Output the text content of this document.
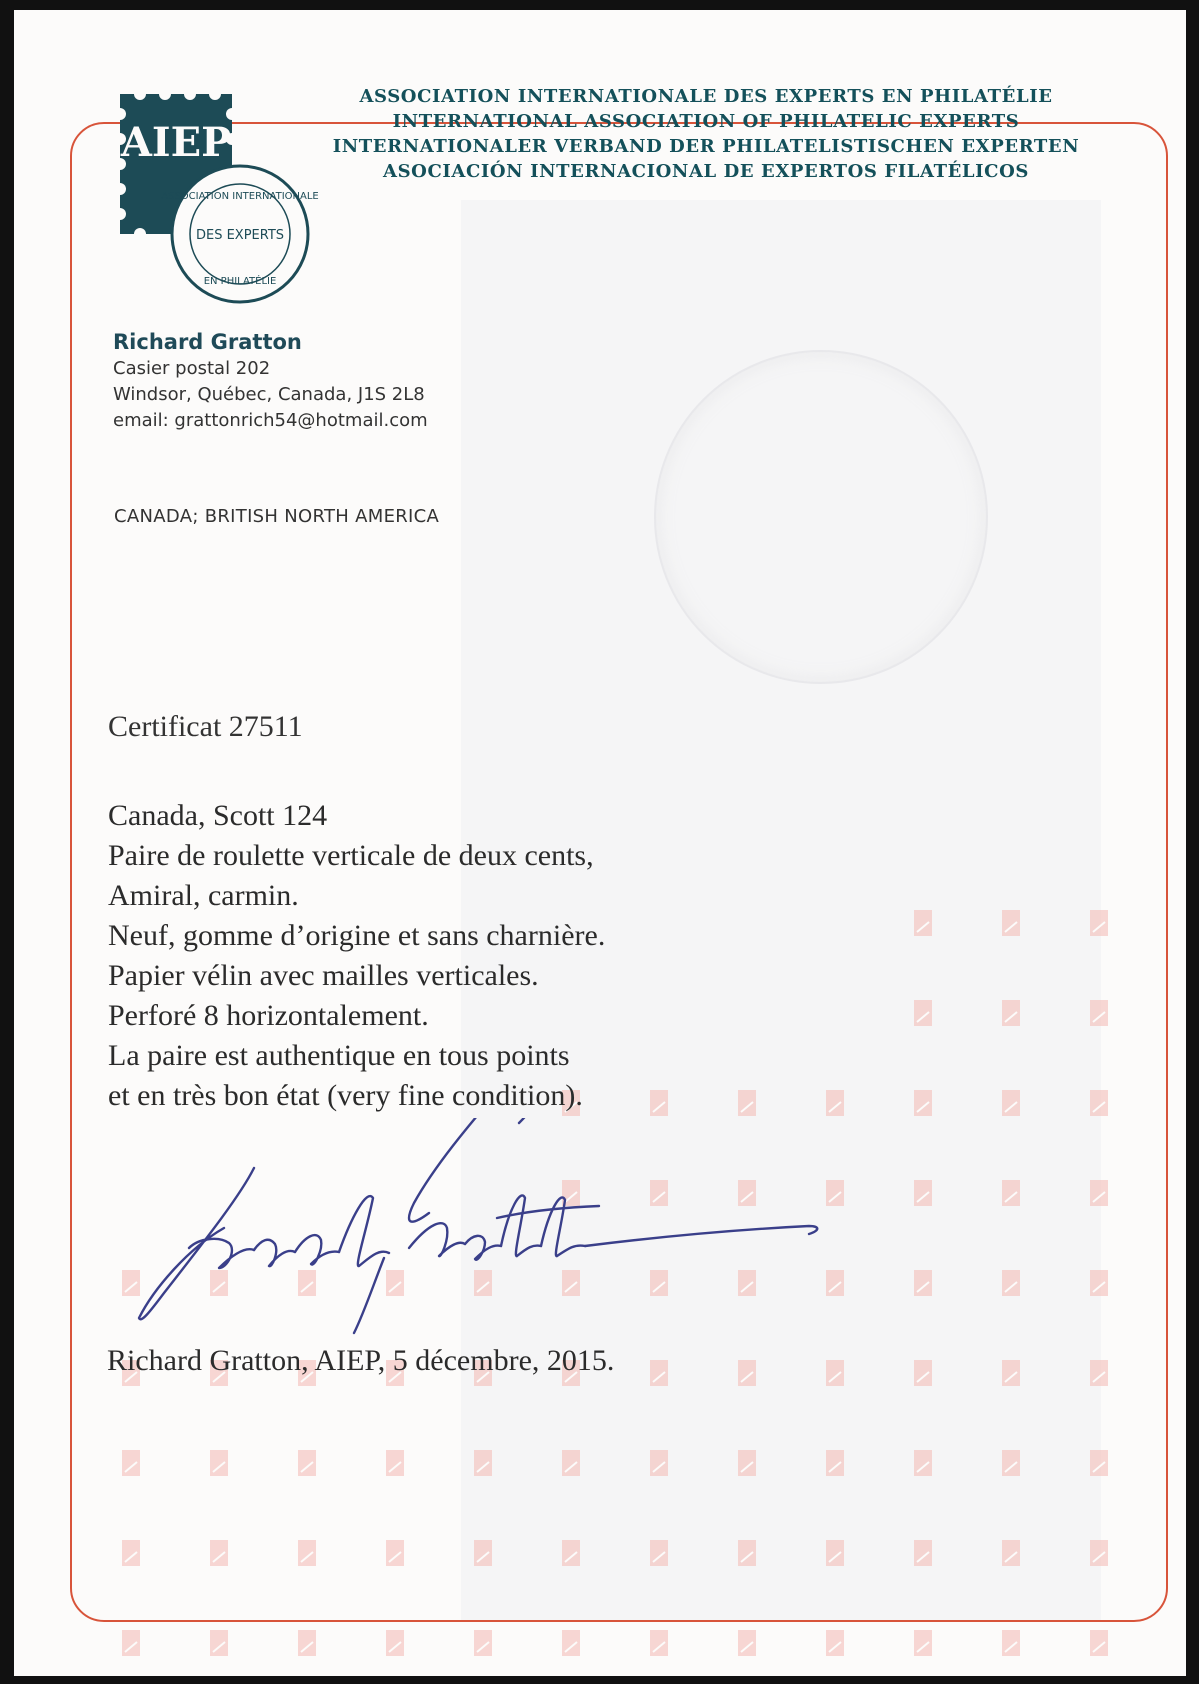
AIEP
ASSOCIATION INTERNATIONALE
DES EXPERTS
EN PHILATÉLIE
ASSOCIATION INTERNATIONALE DES EXPERTS EN PHILATÉLIE
INTERNATIONAL ASSOCIATION OF PHILATELIC EXPERTS
INTERNATIONALER VERBAND DER PHILATELISTISCHEN EXPERTEN
ASOCIACIÓN INTERNACIONAL DE EXPERTOS FILATÉLICOS
Richard Gratton
Casier postal 202
Windsor, Québec, Canada, J1S 2L8
email: grattonrich54@hotmail.com
CANADA; BRITISH NORTH AMERICA
Certificat 27511
Canada, Scott 124
Paire de roulette verticale de deux cents,
Amiral, carmin.
Neuf, gomme d’origine et sans charnière.
Papier vélin avec mailles verticales.
Perforé 8 horizontalement.
La paire est authentique en tous points
et en très bon état (very fine condition).
Richard Gratton, AIEP, 5 décembre, 2015.
